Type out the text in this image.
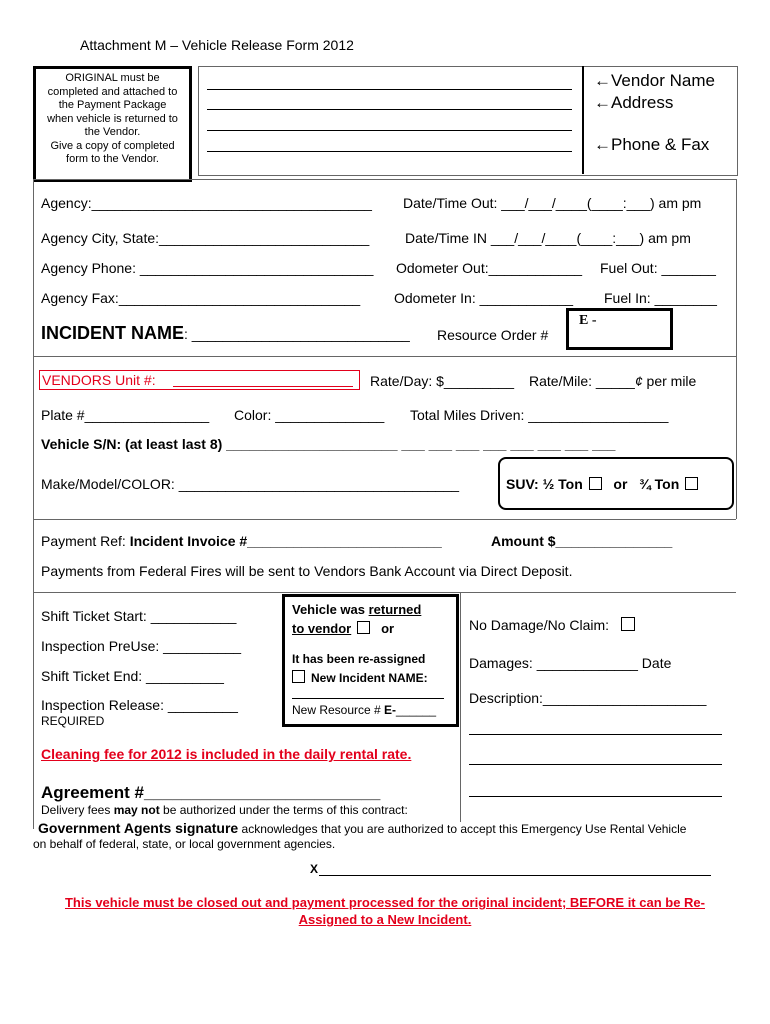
Attachment M – Vehicle Release Form 2012
ORIGINAL must be
completed and attached to
the Payment Package
when vehicle is returned to
the Vendor.
Give a copy of completed
form to the Vendor.
←Vendor Name
←Address
←Phone & Fax
Agency:____________________________________ Date/Time Out: ___/___/____(____:___) am pm
Agency City, State:___________________________	Date/Time IN ___/___/____(____:___) am pm
Agency Phone: ______________________________ Odometer Out:____________ Fuel Out: _______
Agency Fax:_______________________________ Odometer In: ____________ Fuel In: ________
INCIDENT NAME: ____________________________ Resource Order #
E -
VENDORS Unit #:	Rate/Day: $_________ Rate/Mile: _____¢ per mile
Plate #________________ Color: ______________ Total Miles Driven: __________________
Vehicle S/N: (at least last 8) ______________________ ___ ___ ___ ___ ___ ___ ___ ___
Make/Model/COLOR: ____________________________________	SUV: ½ Ton or ¾ Ton
Payment Ref: Incident Invoice #_________________________	Amount $_______________
Payments from Federal Fires will be sent to Vendors Bank Account via Direct Deposit.
Shift Ticket Start: ___________
Inspection PreUse: __________
Shift Ticket End: __________
Inspection Release: _________
REQUIRED
Vehicle was returned
to vendor or
It has been re-assigned
New Incident NAME:
New Resource # E-______
No Damage/No Claim:
Damages: _____________ Date
Description:_____________________
Cleaning fee for 2012 is included in the daily rental rate.
Agreement #_________________________
Delivery fees may not be authorized under the terms of this contract:
Government Agents signature acknowledges that you are authorized to accept this Emergency Use Rental Vehicle
on behalf of federal, state, or local government agencies.
X
This vehicle must be closed out and payment processed for the original incident; BEFORE it can be Re-
Assigned to a New Incident.
